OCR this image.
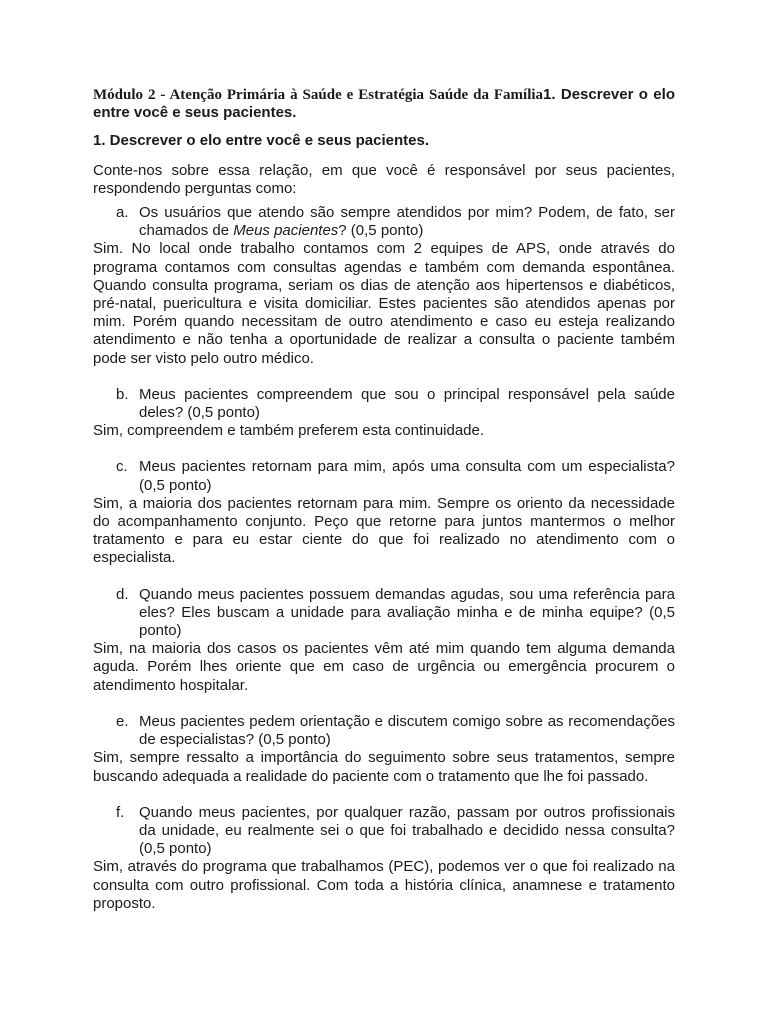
Módulo 2 - Atenção Primária à Saúde e Estratégia Saúde da Família1. Descrever o elo entre você e seus pacientes.

1. Descrever o elo entre você e seus pacientes.

Conte-nos sobre essa relação, em que você é responsável por seus pacientes, respondendo perguntas como:

a. Os usuários que atendo são sempre atendidos por mim? Podem, de fato, ser chamados de Meus pacientes? (0,5 ponto)

Sim. No local onde trabalho contamos com 2 equipes de APS, onde através do programa contamos com consultas agendas e também com demanda espontânea. Quando consulta programa, seriam os dias de atenção aos hipertensos e diabéticos, pré-natal, puericultura e visita domiciliar. Estes pacientes são atendidos apenas por mim. Porém quando necessitam de outro atendimento e caso eu esteja realizando atendimento e não tenha a oportunidade de realizar a consulta o paciente também pode ser visto pelo outro médico.

b. Meus pacientes compreendem que sou o principal responsável pela saúde deles? (0,5 ponto)

Sim, compreendem e também preferem esta continuidade.

c. Meus pacientes retornam para mim, após uma consulta com um especialista? (0,5 ponto)

Sim, a maioria dos pacientes retornam para mim. Sempre os oriento da necessidade do acompanhamento conjunto. Peço que retorne para juntos mantermos o melhor tratamento e para eu estar ciente do que foi realizado no atendimento com o especialista.

d. Quando meus pacientes possuem demandas agudas, sou uma referência para eles? Eles buscam a unidade para avaliação minha e de minha equipe? (0,5 ponto)

Sim, na maioria dos casos os pacientes vêm até mim quando tem alguma demanda aguda. Porém lhes oriente que em caso de urgência ou emergência procurem o atendimento hospitalar.

e. Meus pacientes pedem orientação e discutem comigo sobre as recomendações de especialistas? (0,5 ponto)

Sim, sempre ressalto a importância do seguimento sobre seus tratamentos, sempre buscando adequada a realidade do paciente com o tratamento que lhe foi passado.

f. Quando meus pacientes, por qualquer razão, passam por outros profissionais da unidade, eu realmente sei o que foi trabalhado e decidido nessa consulta? (0,5 ponto)

Sim, através do programa que trabalhamos (PEC), podemos ver o que foi realizado na consulta com outro profissional. Com toda a história clínica, anamnese e tratamento proposto.
